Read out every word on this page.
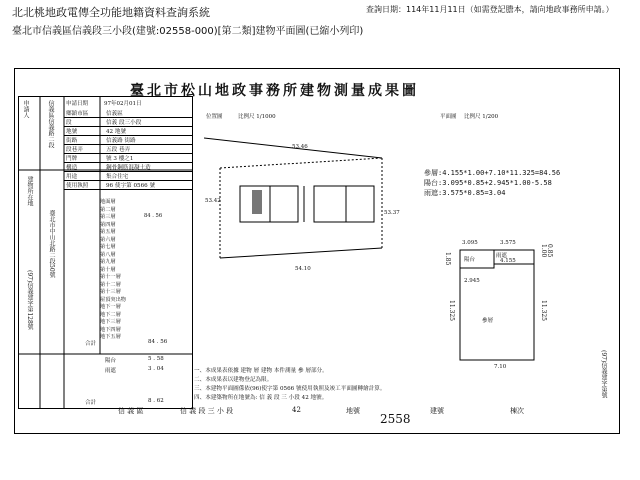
北北桃地政電傳全功能地籍資料查詢系統	查詢日期：114年11月11日（如需登記謄本，請向地政事務所申請。）
臺北市信義區信義段三小段(建號:02558-000)[第二類]建物平面圖(已縮小列印)
臺北市松山地政事務所建物測量成果圖
申請人	信義區信義路二段
建物所在地
臺北市中山北路二段50號
(97)信義建字第128號
申請日期	97年02月01日
鄉鎮市區	信義區
段	信義 段三小段
地號	42 地號
街路	信義路 街路
段巷弄	五段 巷弄
門牌	號 3 樓之1
構造	鋼骨鋼筋混凝土造
用途	集合住宅
使用執照	96 使字第 0566 號
地面層
第二層
第三層	84 . 56
第四層
第五層
第六層
第七層
第八層
第九層
第十層
第十一層
第十二層
第十三層
屋頂突出物
地下一層
地下二層
地下三層
地下四層
地下五層
合計	84 . 56
陽台	5 . 58
雨遮	3 . 04
合計	8 . 62
位置圖	比例尺 1/1000
53.46
53.42
53.37
54.10
平面圖 比例尺 1/200
參層:4.155*1.00+7.10*11.325=84.56
陽台:3.095*0.85+2.945*1.00-5.58
雨遮:3.575*0.85=3.04
3.095	3.575
陽台
雨遮
4.155
2.945
參層
7.10
11.325	11.325
1.85
1.00 0.85
(97)信義建字第號
一、本成果表依據 建物 層 建物 本件測量 參 層部分。
二、本成果表以建物登記為限。
三、本建物平面圖係依(96)使字第 0566 號使用執照及竣工平面圖轉繪計算。
四、本建築物所在地號為: 信 義 段 三 小段 42 地號。
信 義 區	信 義 段 三 小 段	42	地號	建號	棟次
2558
